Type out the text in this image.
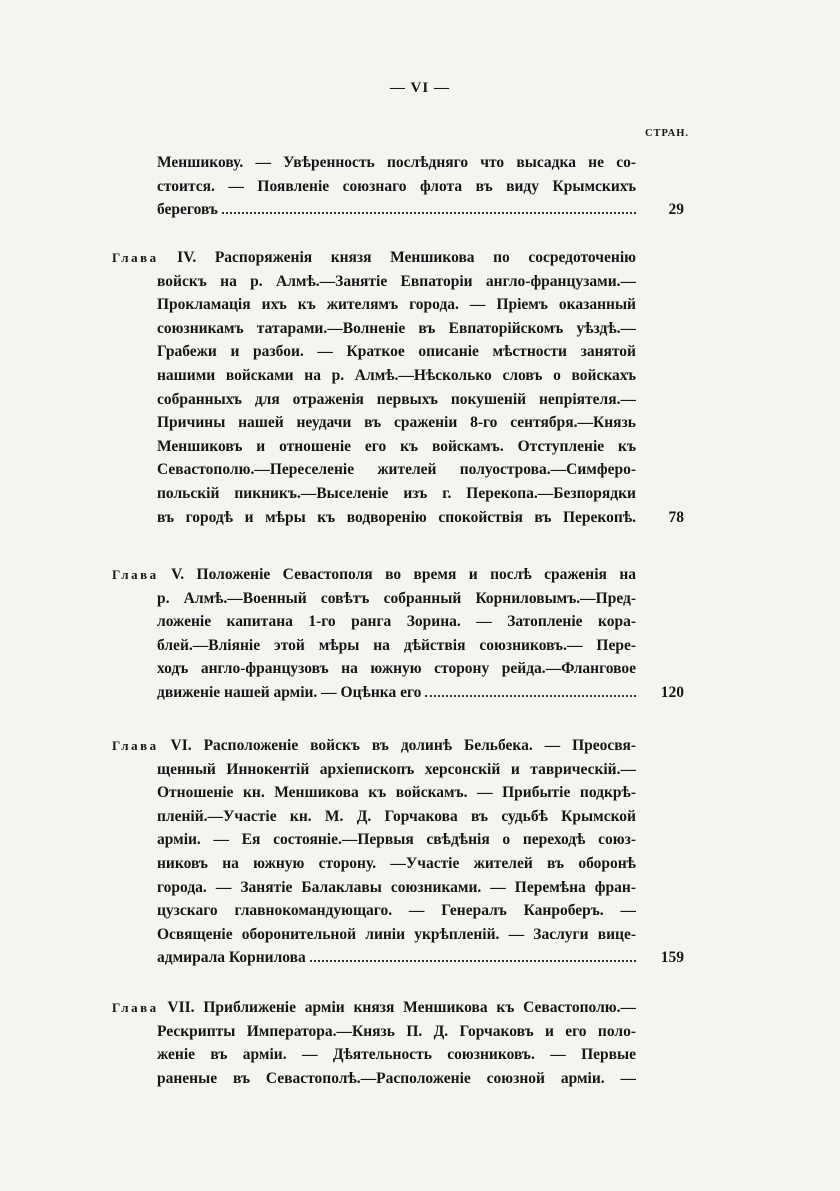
— VI —
СТРАН.
Меншикову. — Увѣренность послѣдняго что высадка не со-
стоится. — Появленіе союзнаго флота въ виду Крымскихъ
береговъ	29
Глава IV. Распоряженія князя Меншикова по сосредоточенію
войскъ на р. Алмѣ.—Занятіе Евпаторіи англо-французами.—
Прокламація ихъ къ жителямъ города. — Пріемъ оказанный
союзникамъ татарами.—Волненіе въ Евпаторійскомъ уѣздѣ.—
Грабежи и разбои. — Краткое описаніе мѣстности занятой
нашими войсками на р. Алмѣ.—Нѣсколько словъ о войскахъ
собранныхъ для отраженія первыхъ покушеній непріятеля.—
Причины нашей неудачи въ сраженіи 8-го сентября.—Князь
Меншиковъ и отношеніе его къ войскамъ. Отступленіе къ
Севастополю.—Переселеніе жителей полуострова.—Симферо-
польскій пикникъ.—Выселеніе изъ г. Перекопа.—Безпорядки
въ городѣ и мѣры къ водворенію спокойствія въ Перекопѣ.	78
Глава V. Положеніе Севастополя во время и послѣ сраженія на
р. Алмѣ.—Военный совѣтъ собранный Корниловымъ.—Пред-
ложеніе капитана 1-го ранга Зорина. — Затопленіе кора-
блей.—Вліяніе этой мѣры на дѣйствія союзниковъ.— Пере-
ходъ англо-французовъ на южную сторону рейда.—Фланговое
движеніе нашей арміи. — Оцѣнка его	120
Глава VI. Расположеніе войскъ въ долинѣ Бельбека. — Преосвя-
щенный Иннокентій архіепископъ херсонскій и таврическій.—
Отношеніе кн. Меншикова къ войскамъ. — Прибытіе подкрѣ-
пленій.—Участіе кн. М. Д. Горчакова въ судьбѣ Крымской
арміи. — Ея состояніе.—Первыя свѣдѣнія о переходѣ союз-
никовъ на южную сторону. —Участіе жителей въ оборонѣ
города. — Занятіе Балаклавы союзниками. — Перемѣна фран-
цузскаго главнокомандующаго. — Генералъ Канроберъ. —
Освященіе оборонительной линіи укрѣпленій. — Заслуги вице-
адмирала Корнилова	159
Глава VII. Приближеніе арміи князя Меншикова къ Севастополю.—
Рескрипты Императора.—Князь П. Д. Горчаковъ и его поло-
женіе въ арміи. — Дѣятельность союзниковъ. — Первые
раненые въ Севастополѣ.—Расположеніе союзной арміи. —
